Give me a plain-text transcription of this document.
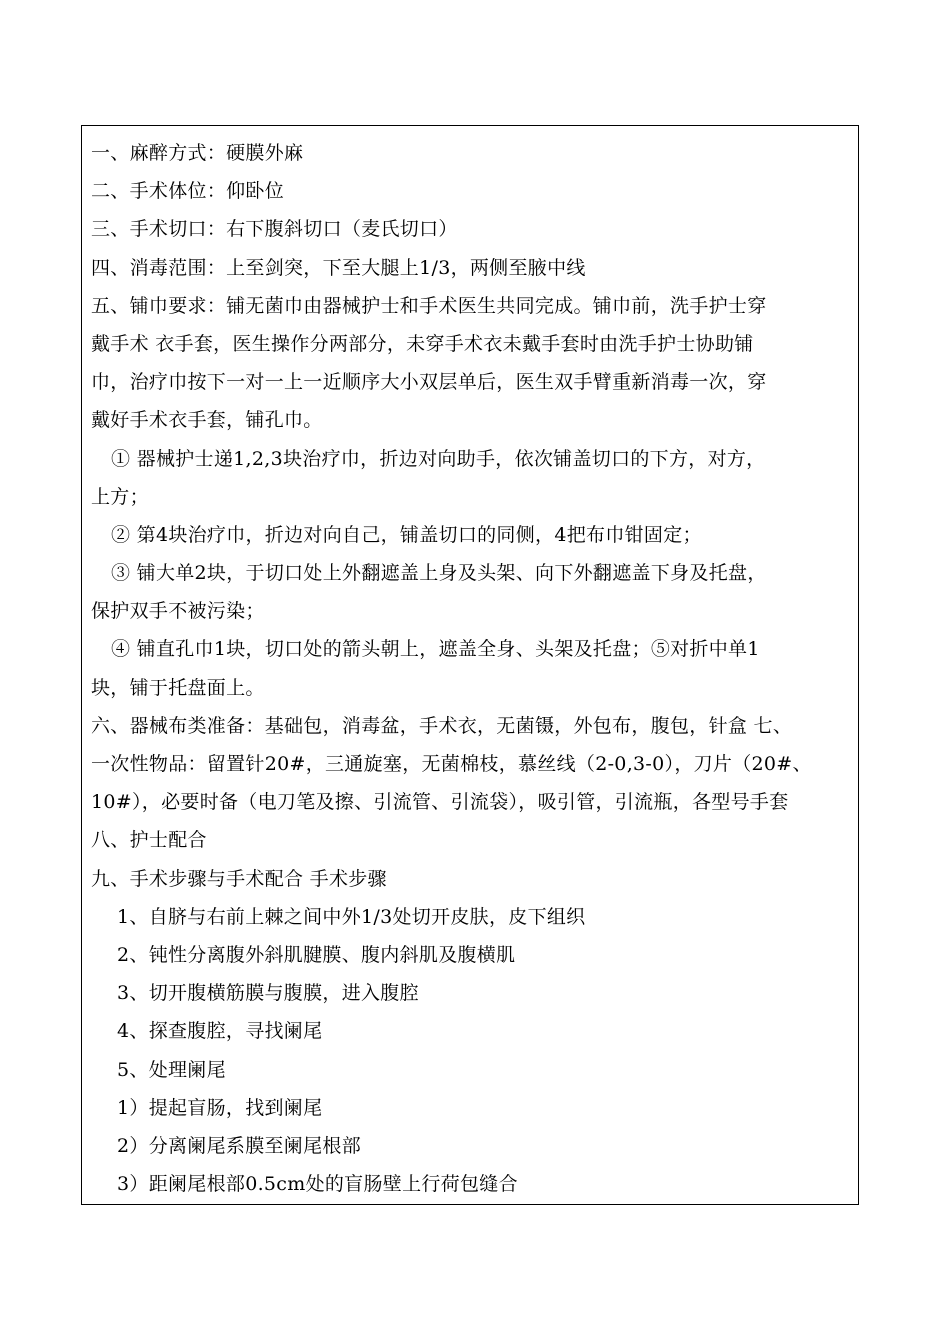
一、麻醉方式：硬膜外麻
二、手术体位：仰卧位
三、手术切口：右下腹斜切口（麦氏切口）
四、消毒范围：上至剑突，下至大腿上1/3，两侧至腋中线
五、铺巾要求：铺无菌巾由器械护士和手术医生共同完成。铺巾前，洗手护士穿
戴手术 衣手套，医生操作分两部分，未穿手术衣未戴手套时由洗手护士协助铺
巾，治疗巾按下一对一上一近顺序大小双层单后，医生双手臂重新消毒一次，穿
戴好手术衣手套，铺孔巾。
① 器械护士递1,2,3块治疗巾，折边对向助手，依次铺盖切口的下方，对方，
上方；
② 第4块治疗巾，折边对向自己，铺盖切口的同侧，4把布巾钳固定；
③ 铺大单2块，于切口处上外翻遮盖上身及头架、向下外翻遮盖下身及托盘，
保护双手不被污染；
④ 铺直孔巾1块，切口处的箭头朝上，遮盖全身、头架及托盘；⑤对折中单1
块，铺于托盘面上。
六、器械布类准备：基础包，消毒盆，手术衣，无菌镊，外包布，腹包，针盒 七、
一次性物品：留置针20#，三通旋塞，无菌棉枝，慕丝线（2-0,3-0），刀片（20#、
10#），必要时备（电刀笔及擦、引流管、引流袋），吸引管，引流瓶，各型号手套
八、护士配合
九、手术步骤与手术配合 手术步骤
1、自脐与右前上棘之间中外1/3处切开皮肤，皮下组织
2、钝性分离腹外斜肌腱膜、腹内斜肌及腹横肌
3、切开腹横筋膜与腹膜，进入腹腔
4、探查腹腔，寻找阑尾
5、处理阑尾
1）提起盲肠，找到阑尾
2）分离阑尾系膜至阑尾根部
3）距阑尾根部0.5cm处的盲肠壁上行荷包缝合
